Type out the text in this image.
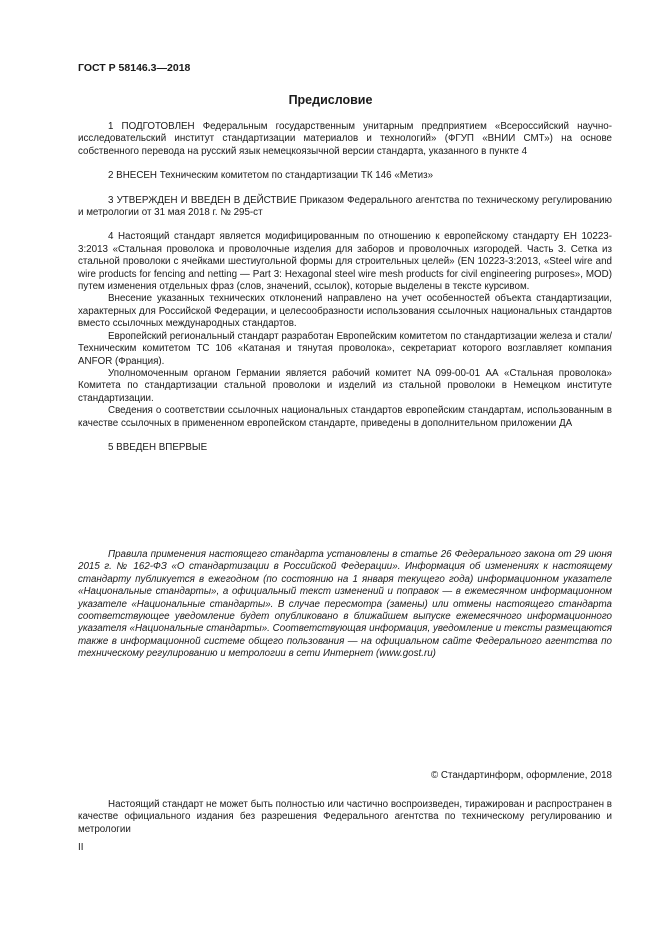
ГОСТ Р 58146.3—2018
Предисловие

1 ПОДГОТОВЛЕН Федеральным государственным унитарным предприятием «Всероссийский научно-исследовательский институт стандартизации материалов и технологий» (ФГУП «ВНИИ СМТ») на основе собственного перевода на русский язык немецкоязычной версии стандарта, указанного в пункте 4

2 ВНЕСЕН Техническим комитетом по стандартизации ТК 146 «Метиз»

3 УТВЕРЖДЕН И ВВЕДЕН В ДЕЙСТВИЕ Приказом Федерального агентства по техническому регулированию и метрологии от 31 мая 2018 г. № 295-ст

4 Настоящий стандарт является модифицированным по отношению к европейскому стандарту ЕН 10223-3:2013 «Стальная проволока и проволочные изделия для заборов и проволочных изгородей. Часть 3. Сетка из стальной проволоки с ячейками шестиугольной формы для строительных целей» (EN 10223-3:2013, «Steel wire and wire products for fencing and netting — Part 3: Hexagonal steel wire mesh products for civil engineering purposes», MOD) путем изменения отдельных фраз (слов, значений, ссылок), которые выделены в тексте курсивом.

Внесение указанных технических отклонений направлено на учет особенностей объекта стандартизации, характерных для Российской Федерации, и целесообразности использования ссылочных национальных стандартов вместо ссылочных международных стандартов.

Европейский региональный стандарт разработан Европейским комитетом по стандартизации железа и стали/Техническим комитетом ТС 106 «Катаная и тянутая проволока», секретариат которого возглавляет компания ANFOR (Франция).

Уполномоченным органом Германии является рабочий комитет NA 099-00-01 АА «Стальная проволока» Комитета по стандартизации стальной проволоки и изделий из стальной проволоки в Немецком институте стандартизации.

Сведения о соответствии ссылочных национальных стандартов европейским стандартам, использованным в качестве ссылочных в примененном европейском стандарте, приведены в дополнительном приложении ДА

5 ВВЕДЕН ВПЕРВЫЕ

Правила применения настоящего стандарта установлены в статье 26 Федерального закона от 29 июня 2015 г. № 162-ФЗ «О стандартизации в Российской Федерации». Информация об изменениях к настоящему стандарту публикуется в ежегодном (по состоянию на 1 января текущего года) информационном указателе «Национальные стандарты», а официальный текст изменений и поправок — в ежемесячном информационном указателе «Национальные стандарты». В случае пересмотра (замены) или отмены настоящего стандарта соответствующее уведомление будет опубликовано в ближайшем выпуске ежемесячного информационного указателя «Национальные стандарты». Соответствующая информация, уведомление и тексты размещаются также в информационной системе общего пользования — на официальном сайте Федерального агентства по техническому регулированию и метрологии в сети Интернет (www.gost.ru)

© Стандартинформ, оформление, 2018

Настоящий стандарт не может быть полностью или частично воспроизведен, тиражирован и распространен в качестве официального издания без разрешения Федерального агентства по техническому регулированию и метрологии

II
